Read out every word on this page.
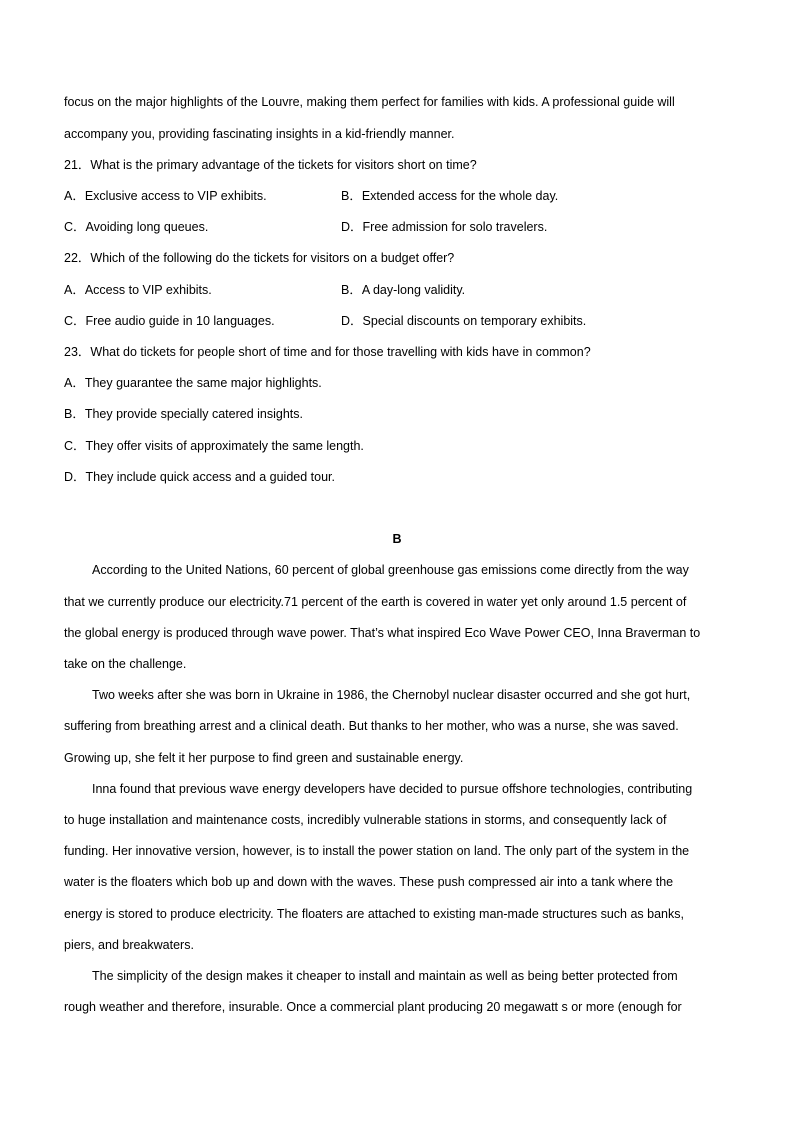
focus on the major highlights of the Louvre, making them perfect for families with kids. A professional guide will
accompany you, providing fascinating insights in a kid-friendly manner.
21．What is the primary advantage of the tickets for visitors short on time?
A．Exclusive access to VIP exhibits.	B．Extended access for the whole day.
C．Avoiding long queues.	D．Free admission for solo travelers.
22．Which of the following do the tickets for visitors on a budget offer?
A．Access to VIP exhibits.	B．A day-long validity.
C．Free audio guide in 10 languages.	D．Special discounts on temporary exhibits.
23．What do tickets for people short of time and for those travelling with kids have in common?
A．They guarantee the same major highlights.
B．They provide specially catered insights.
C．They offer visits of approximately the same length.
D．They include quick access and a guided tour.
B
According to the United Nations, 60 percent of global greenhouse gas emissions come directly from the way
that we currently produce our electricity.71 percent of the earth is covered in water yet only around 1.5 percent of
the global energy is produced through wave power. That’s what inspired Eco Wave Power CEO, Inna Braverman to
take on the challenge.
Two weeks after she was born in Ukraine in 1986, the Chernobyl nuclear disaster occurred and she got hurt,
suffering from breathing arrest and a clinical death. But thanks to her mother, who was a nurse, she was saved.
Growing up, she felt it her purpose to find green and sustainable energy.
Inna found that previous wave energy developers have decided to pursue offshore technologies, contributing
to huge installation and maintenance costs, incredibly vulnerable stations in storms, and consequently lack of
funding. Her innovative version, however, is to install the power station on land. The only part of the system in the
water is the floaters which bob up and down with the waves. These push compressed air into a tank where the
energy is stored to produce electricity. The floaters are attached to existing man-made structures such as banks,
piers, and breakwaters.
The simplicity of the design makes it cheaper to install and maintain as well as being better protected from
rough weather and therefore, insurable. Once a commercial plant producing 20 megawatt s or more (enough for
